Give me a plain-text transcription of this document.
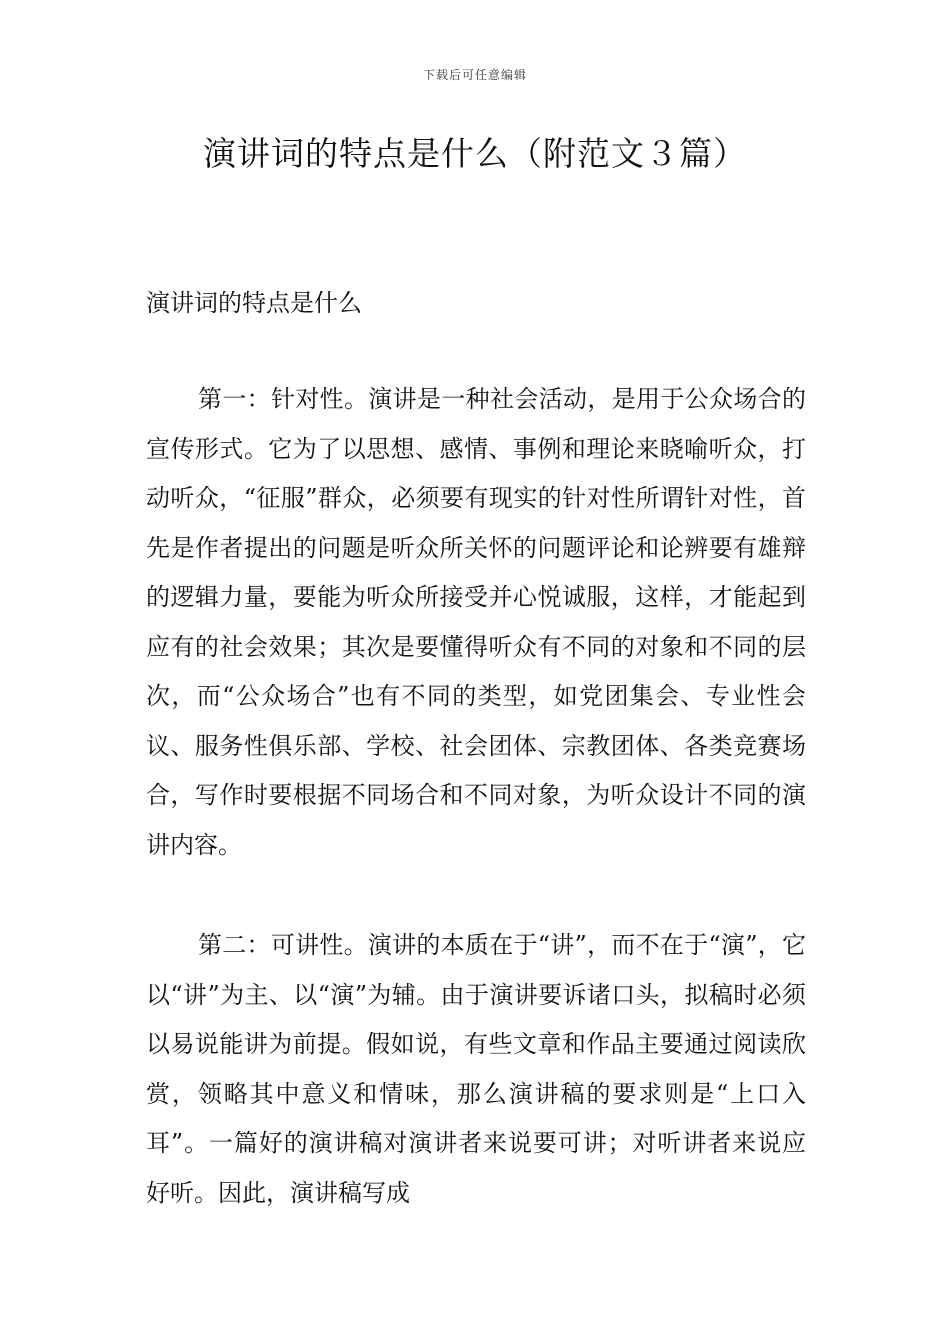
下载后可任意编辑
演讲词的特点是什么（附范文３篇）
演讲词的特点是什么

第一：针对性。演讲是一种社会活动，是用于公众场合的宣传形式。它为了以思想、感情、事例和理论来晓喻听众，打动听众，“征服”群众，必须要有现实的针对性所谓针对性，首先是作者提出的问题是听众所关怀的问题评论和论辨要有雄辩的逻辑力量，要能为听众所接受并心悦诚服，这样，才能起到应有的社会效果；其次是要懂得听众有不同的对象和不同的层次，而“公众场合”也有不同的类型，如党团集会、专业性会议、服务性俱乐部、学校、社会团体、宗教团体、各类竞赛场合，写作时要根据不同场合和不同对象，为听众设计不同的演讲内容。

第二：可讲性。演讲的本质在于“讲”，而不在于“演”，它以“讲”为主、以“演”为辅。由于演讲要诉诸口头，拟稿时必须以易说能讲为前提。假如说，有些文章和作品主要通过阅读欣赏，领略其中意义和情味，那么演讲稿的要求则是“上口入耳”。一篇好的演讲稿对演讲者来说要可讲；对听讲者来说应好听。因此，演讲稿写成
